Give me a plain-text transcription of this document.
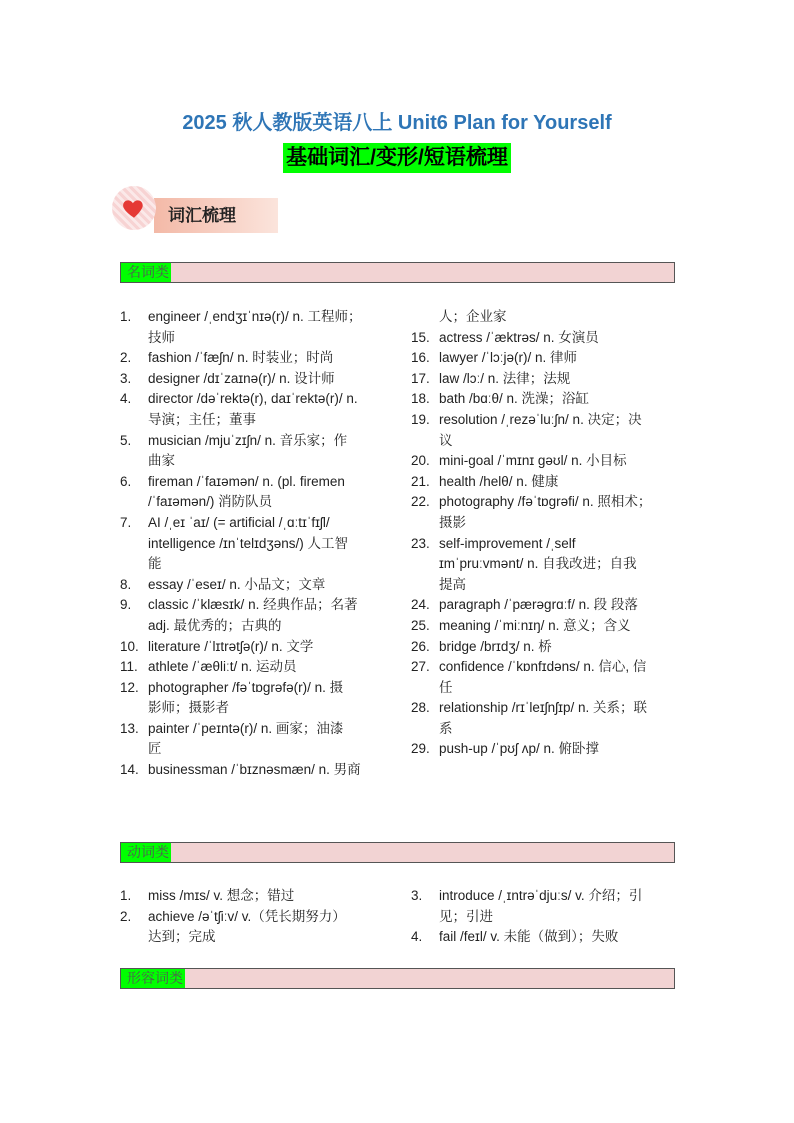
2025 秋人教版英语八上 Unit6 Plan for Yourself
基础词汇/变形/短语梳理
词汇梳理
名词类
1. engineer /ˌendʒɪˈnɪə(r)/ n. 工程师；
技师
2. fashion /ˈfæʃn/ n. 时装业；时尚
3. designer /dɪˈzaɪnə(r)/ n. 设计师
4. director /dəˈrektə(r), daɪˈrektə(r)/ n.
导演；主任；董事
5. musician /mjuˈzɪʃn/ n. 音乐家；作
曲家
6. fireman /ˈfaɪəmən/ n. (pl. firemen
/ˈfaɪəmən/) 消防队员
7. AI /ˌeɪ ˈaɪ/ (= artificial /ˌɑːtɪˈfɪʃl/
intelligence /ɪnˈtelɪdʒəns/) 人工智
能
8. essay /ˈeseɪ/ n. 小品文；文章
9. classic /ˈklæsɪk/ n. 经典作品；名著
adj. 最优秀的；古典的
10. literature /ˈlɪtrətʃə(r)/ n. 文学
11. athlete /ˈæθliːt/ n. 运动员
12. photographer /fəˈtɒɡrəfə(r)/ n. 摄
影师；摄影者
13. painter /ˈpeɪntə(r)/ n. 画家；油漆
匠
14. businessman /ˈbɪznəsmæn/ n. 男商
人；企业家
15. actress /ˈæktrəs/ n. 女演员
16. lawyer /ˈlɔːjə(r)/ n. 律师
17. law /lɔː/ n. 法律；法规
18. bath /bɑːθ/ n. 洗澡；浴缸
19. resolution /ˌrezəˈluːʃn/ n. 决定；决
议
20. mini-goal /ˈmɪnɪ ɡəʊl/ n. 小目标
21. health /helθ/ n. 健康
22. photography /fəˈtɒɡrəfi/ n. 照相术；
摄影
23. self-improvement /ˌself
ɪmˈpruːvmənt/ n. 自我改进；自我
提高
24. paragraph /ˈpærəɡrɑːf/ n. 段 段落
25. meaning /ˈmiːnɪŋ/ n. 意义；含义
26. bridge /brɪdʒ/ n. 桥
27. confidence /ˈkɒnfɪdəns/ n. 信心, 信
任
28. relationship /rɪˈleɪʃnʃɪp/ n. 关系；联
系
29. push-up /ˈpʊʃ ʌp/ n. 俯卧撑
动词类
1. miss /mɪs/ v. 想念；错过
2. achieve /əˈtʃiːv/ v.（凭长期努力）
达到；完成
3. introduce /ˌɪntrəˈdjuːs/ v. 介绍；引
见；引进
4. fail /feɪl/ v. 未能（做到）；失败
形容词类
